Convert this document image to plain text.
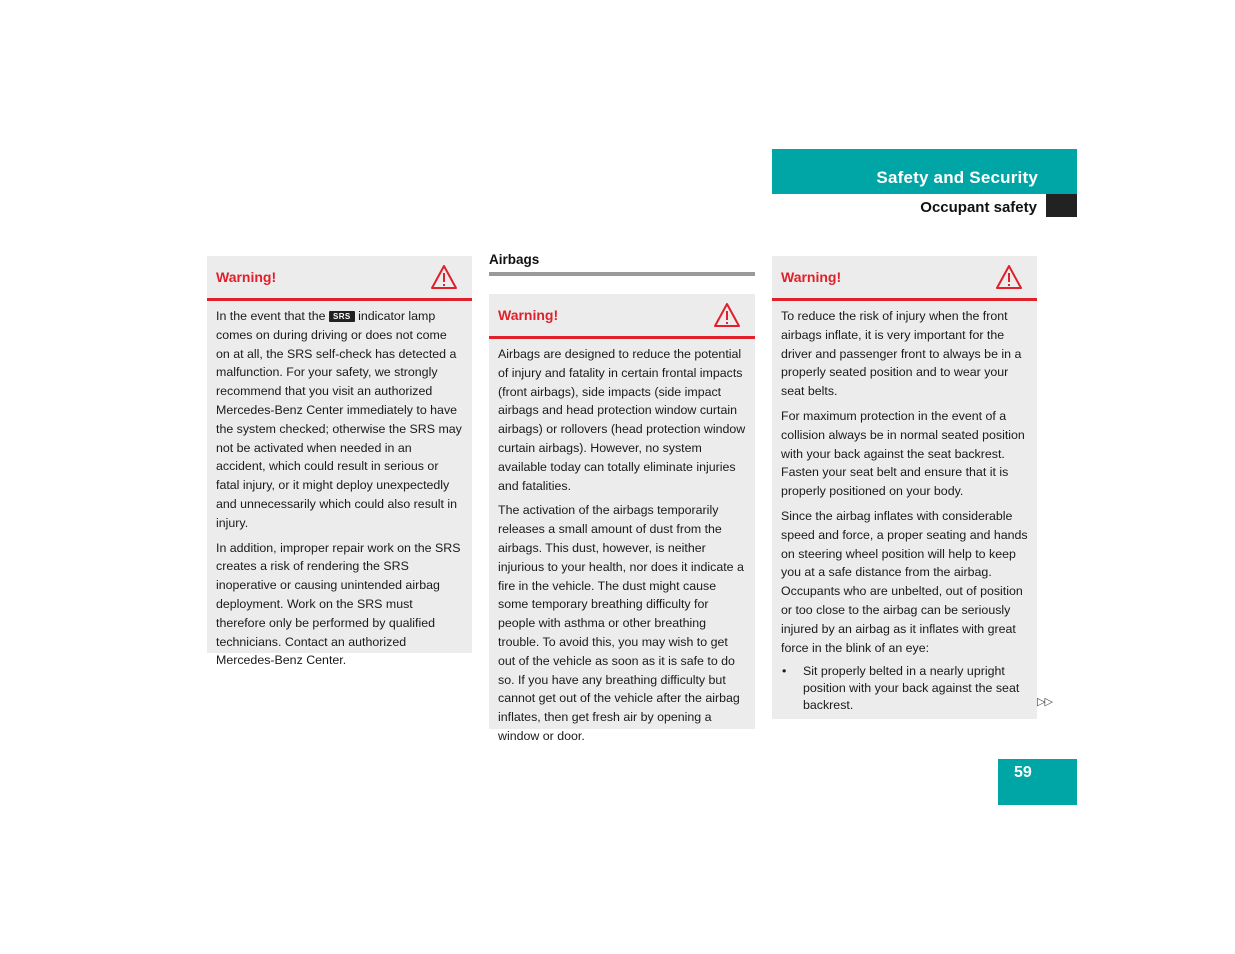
Safety and Security
Occupant safety
Warning!

In the event that the SRS indicator lamp comes on during driving or does not come on at all, the SRS self-check has detected a malfunction. For your safety, we strongly recommend that you visit an authorized Mercedes-Benz Center immediately to have the system checked; otherwise the SRS may not be activated when needed in an accident, which could result in serious or fatal injury, or it might deploy unexpectedly and unnecessarily which could also result in injury.

In addition, improper repair work on the SRS creates a risk of rendering the SRS inoperative or causing unintended airbag deployment. Work on the SRS must therefore only be performed by qualified technicians. Contact an authorized Mercedes-Benz Center.

Airbags
Warning!

Airbags are designed to reduce the potential of injury and fatality in certain frontal impacts (front airbags), side impacts (side impact airbags and head protection window curtain airbags) or rollovers (head protection window curtain airbags). However, no system available today can totally eliminate injuries and fatalities.

The activation of the airbags temporarily releases a small amount of dust from the airbags. This dust, however, is neither injurious to your health, nor does it indicate a fire in the vehicle. The dust might cause some temporary breathing difficulty for people with asthma or other breathing trouble. To avoid this, you may wish to get out of the vehicle as soon as it is safe to do so. If you have any breathing difficulty but cannot get out of the vehicle after the airbag inflates, then get fresh air by opening a window or door.

Warning!

To reduce the risk of injury when the front airbags inflate, it is very important for the driver and passenger front to always be in a properly seated position and to wear your seat belts.

For maximum protection in the event of a collision always be in normal seated position with your back against the seat backrest. Fasten your seat belt and ensure that it is properly positioned on your body.

Since the airbag inflates with considerable speed and force, a proper seating and hands on steering wheel position will help to keep you at a safe distance from the airbag. Occupants who are unbelted, out of position or too close to the airbag can be seriously injured by an airbag as it inflates with great force in the blink of an eye:

• Sit properly belted in a nearly upright position with your back against the seat backrest.	▷▷
59
